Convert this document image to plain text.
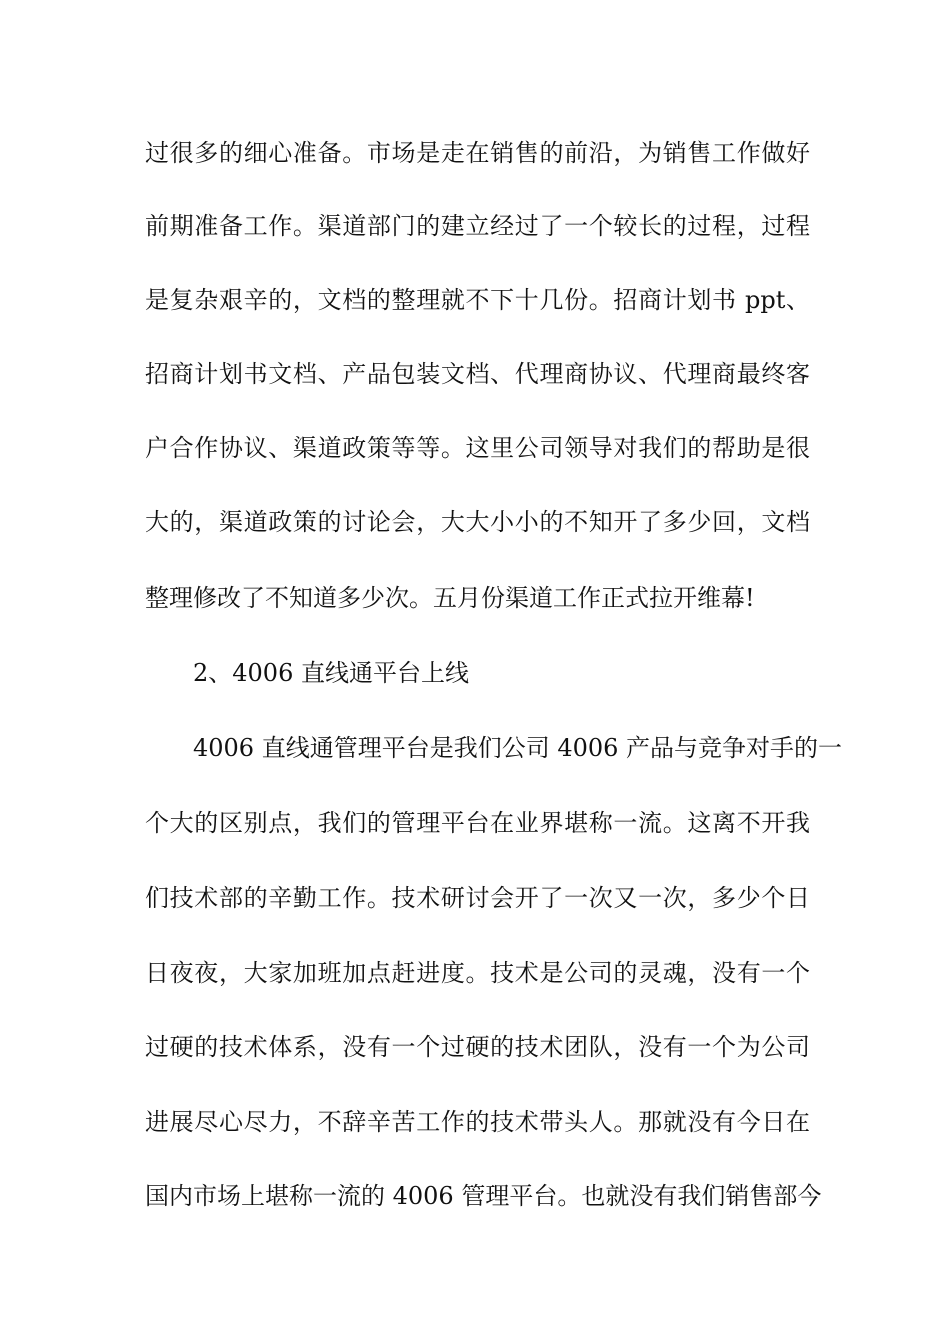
过很多的细心准备。市场是走在销售的前沿，为销售工作做好
前期准备工作。渠道部门的建立经过了一个较长的过程，过程
是复杂艰辛的，文档的整理就不下十几份。招商计划书 ppt、
招商计划书文档、产品包装文档、代理商协议、代理商最终客
户合作协议、渠道政策等等。这里公司领导对我们的帮助是很
大的，渠道政策的讨论会，大大小小的不知开了多少回，文档
整理修改了不知道多少次。五月份渠道工作正式拉开维幕!
2、4006 直线通平台上线
4006 直线通管理平台是我们公司 4006 产品与竞争对手的一
个大的区别点，我们的管理平台在业界堪称一流。这离不开我
们技术部的辛勤工作。技术研讨会开了一次又一次，多少个日
日夜夜，大家加班加点赶进度。技术是公司的灵魂，没有一个
过硬的技术体系，没有一个过硬的技术团队，没有一个为公司
进展尽心尽力，不辞辛苦工作的技术带头人。那就没有今日在
国内市场上堪称一流的 4006 管理平台。也就没有我们销售部今
